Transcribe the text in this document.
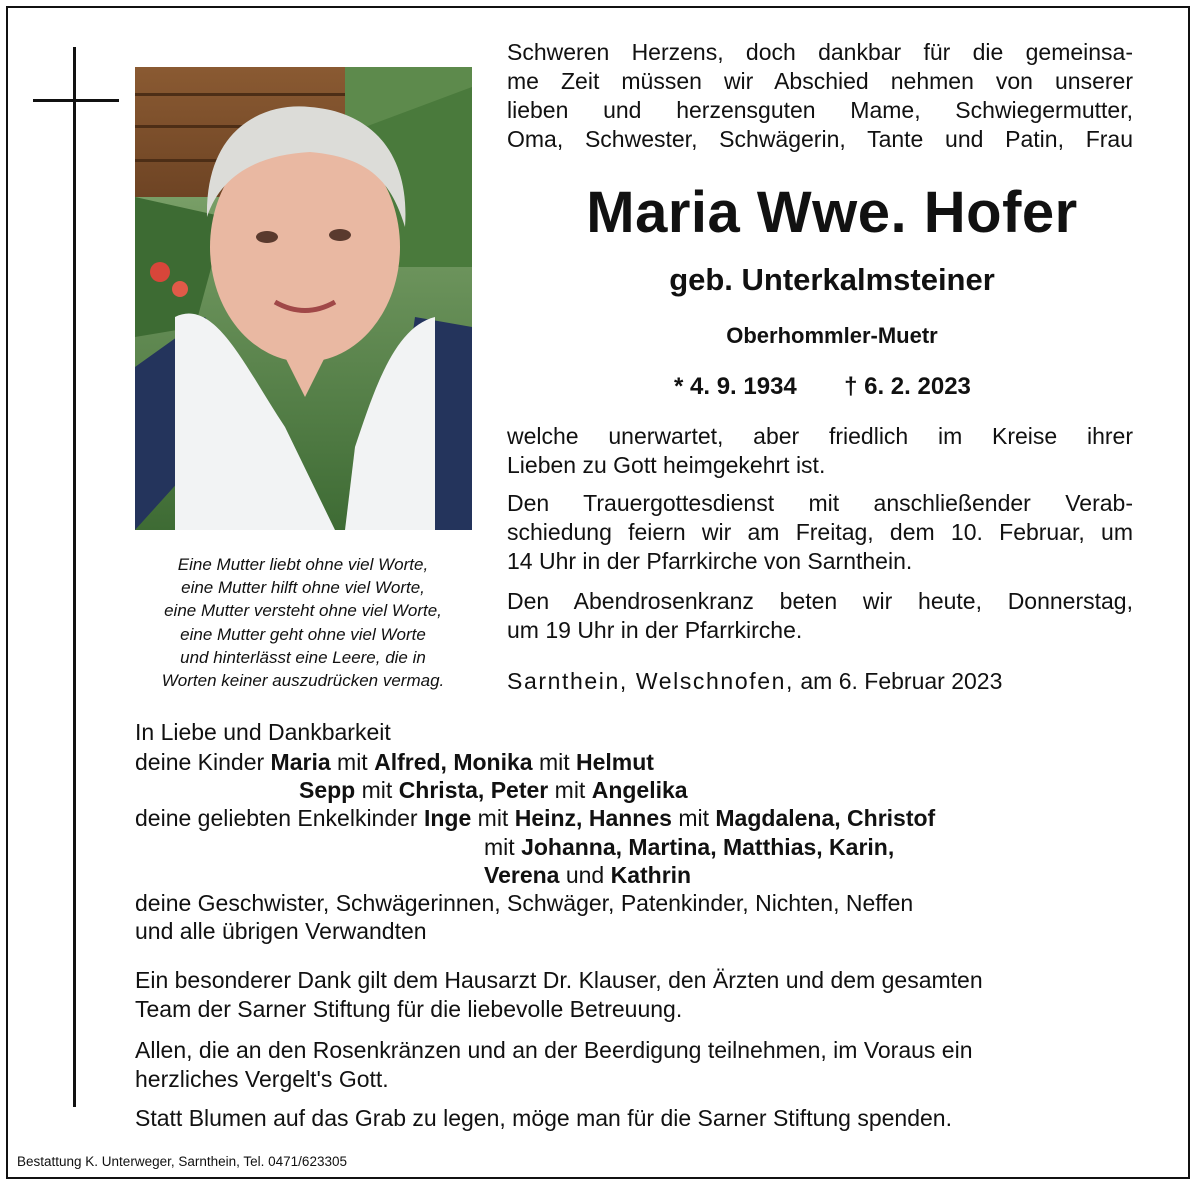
Eine Mutter liebt ohne viel Worte,
eine Mutter hilft ohne viel Worte,
eine Mutter versteht ohne viel Worte,
eine Mutter geht ohne viel Worte
und hinterlässt eine Leere, die in
Worten keiner auszudrücken vermag.
Schweren Herzens, doch dankbar für die gemeinsa-
me Zeit müssen wir Abschied nehmen von unserer
lieben und herzensguten Mame, Schwiegermutter,
Oma, Schwester, Schwägerin, Tante und Patin, Frau
Maria Wwe. Hofer
geb. Unterkalmsteiner
Oberhommler-Muetr
* 4. 9. 1934 † 6. 2. 2023
welche unerwartet, aber friedlich im Kreise ihrer
Lieben zu Gott heimgekehrt ist.
Den Trauergottesdienst mit anschließender Verab-
schiedung feiern wir am Freitag, dem 10. Februar, um
14 Uhr in der Pfarrkirche von Sarnthein.
Den Abendrosenkranz beten wir heute, Donnerstag,
um 19 Uhr in der Pfarrkirche.
Sarnthein, Welschnofen, am 6. Februar 2023
In Liebe und Dankbarkeit
deine Kinder Maria mit Alfred, Monika mit Helmut
Sepp mit Christa, Peter mit Angelika
deine geliebten Enkelkinder Inge mit Heinz, Hannes mit Magdalena, Christof
mit Johanna, Martina, Matthias, Karin,
Verena und Kathrin
deine Geschwister, Schwägerinnen, Schwäger, Patenkinder, Nichten, Neffen
und alle übrigen Verwandten
Ein besonderer Dank gilt dem Hausarzt Dr. Klauser, den Ärzten und dem gesamten
Team der Sarner Stiftung für die liebevolle Betreuung.
Allen, die an den Rosenkränzen und an der Beerdigung teilnehmen, im Voraus ein
herzliches Vergelt's Gott.
Statt Blumen auf das Grab zu legen, möge man für die Sarner Stiftung spenden.
Bestattung K. Unterweger, Sarnthein, Tel. 0471/623305
